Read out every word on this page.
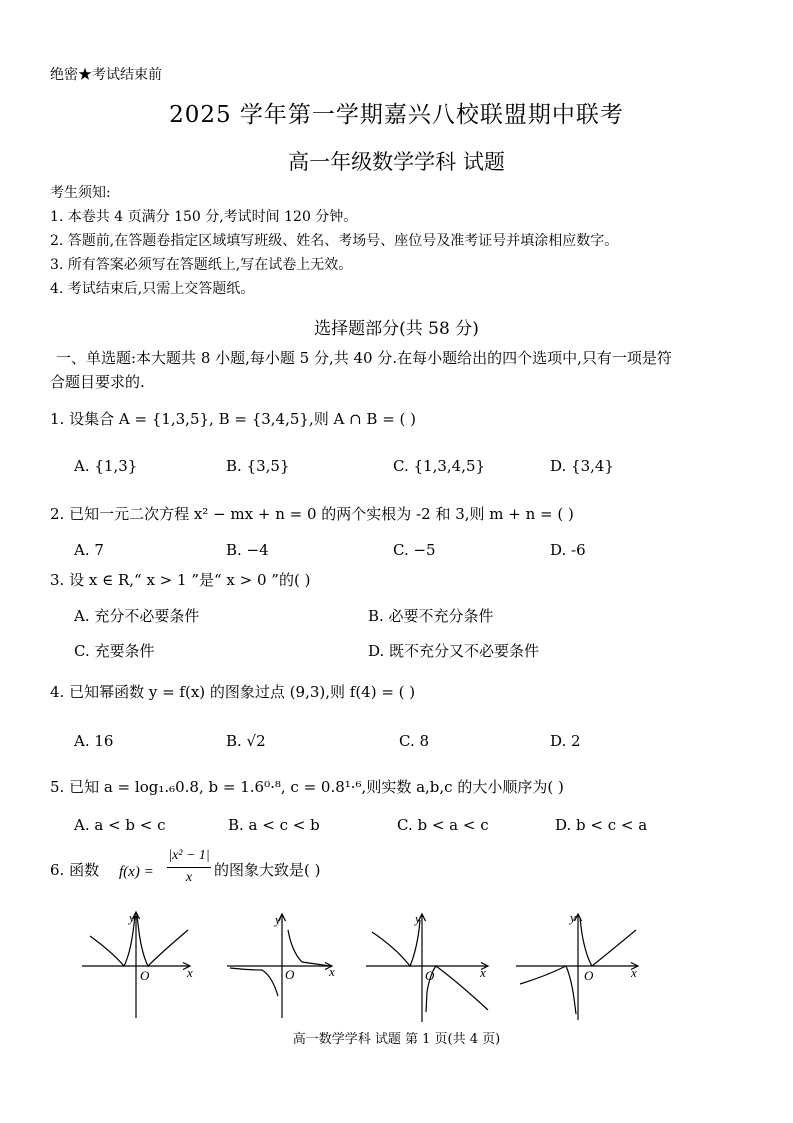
绝密★考试结束前
2025 学年第一学期嘉兴八校联盟期中联考
高一年级数学学科 试题
考生须知:
1. 本卷共 4 页满分 150 分,考试时间 120 分钟。
2. 答题前,在答题卷指定区域填写班级、姓名、考场号、座位号及准考证号并填涂相应数字。
3. 所有答案必须写在答题纸上,写在试卷上无效。
4. 考试结束后,只需上交答题纸。
选择题部分(共 58 分)
一、单选题:本大题共 8 小题,每小题 5 分,共 40 分.在每小题给出的四个选项中,只有一项是符
合题目要求的.
1. 设集合 A = {1,3,5}, B = {3,4,5},则 A ∩ B = ( )
A. {1,3}	B. {3,5}	C. {1,3,4,5}	D. {3,4}
2. 已知一元二次方程 x² − mx + n = 0 的两个实根为 -2 和 3,则 m + n = ( )
A. 7	B. −4	C. −5	D. -6
3. 设 x ∈ R,“ x > 1 ”是“ x > 0 ”的( )
A. 充分不必要条件	B. 必要不充分条件
C. 充要条件	D. 既不充分又不必要条件
4. 已知幂函数 y = f(x) 的图象过点 (9,3),则 f(4) = ( )
A. 16	B. √2	C. 8	D. 2
5. 已知 a = log₁.₆0.8, b = 1.6⁰·⁸, c = 0.8¹·⁶,则实数 a,b,c 的大小顺序为( )
A. a < b < c	B. a < c < b	C. b < a < c	D. b < c < a
6. 函数 f(x) =
|x² − 1|
x	的图象大致是( )
y
x
O
y
x
O
y
x
O
y
x
O
高一数学学科 试题 第 1 页(共 4 页)
